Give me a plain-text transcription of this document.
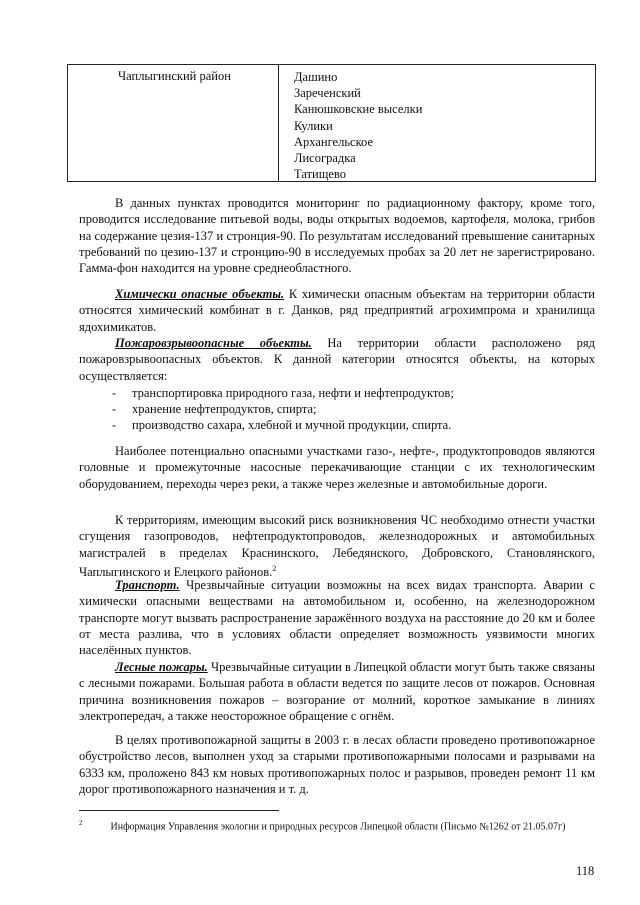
Чаплыгинский район	Дашино
Зареченский
Канюшковские выселки
Кулики
Архангельское
Лисоградка
Татищево

В данных пунктах проводится мониторинг по радиационному фактору, кроме того, проводится исследование питьевой воды, воды открытых водоемов, картофеля, молока, грибов на содержание цезия-137 и стронция-90. По результатам исследований превышение санитарных требований по цезию-137 и стронцию-90 в исследуемых пробах за 20 лет не зарегистрировано. Гамма-фон находится на уровне среднеобластного.

Химически опасные объекты. К химически опасным объектам на территории области относятся химический комбинат в г. Данков, ряд предприятий агрохимпрома и хранилища ядохимикатов.

Пожаровзрывоопасные объекты. На территории области расположено ряд пожаровзрывоопасных объектов. К данной категории относятся объекты, на которых осуществляется:

- транспортировка природного газа, нефти и нефтепродуктов;
- хранение нефтепродуктов, спирта;
- производство сахара, хлебной и мучной продукции, спирта.

Наиболее потенциально опасными участками газо-, нефте-, продуктопроводов являются головные и промежуточные насосные перекачивающие станции с их технологическим оборудованием, переходы через реки, а также через железные и автомобильные дороги.

К территориям, имеющим высокий риск возникновения ЧС необходимо отнести участки сгущения газопроводов, нефтепродуктопроводов, железнодорожных и автомобильных магистралей в пределах Краснинского, Лебедянского, Добровского, Становлянского, Чаплыгинского и Елецкого районов.$^2$

Транспорт. Чрезвычайные ситуации возможны на всех видах транспорта. Аварии с химически опасными веществами на автомобильном и, особенно, на железнодорожном транспорте могут вызвать распространение заражённого воздуха на расстояние до 20 км и более от места разлива, что в условиях области определяет возможность уязвимости многих населённых пунктов.

Лесные пожары. Чрезвычайные ситуации в Липецкой области могут быть также связаны с лесными пожарами. Большая работа в области ведется по защите лесов от пожаров. Основная причина возникновения пожаров – возгорание от молний, короткое замыкание в линиях электропередач, а также неосторожное обращение с огнём.

В целях противопожарной защиты в 2003 г. в лесах области проведено противопожарное обустройство лесов, выполнен уход за старыми противопожарными полосами и разрывами на 6333 км, проложено 843 км новых противопожарных полос и разрывов, проведен ремонт 11 км дорог противопожарного назначения и т. д.

$^2$	Информация Управления экологии и природных ресурсов Липецкой области (Письмо №1262 от 21.05.07г)
118
